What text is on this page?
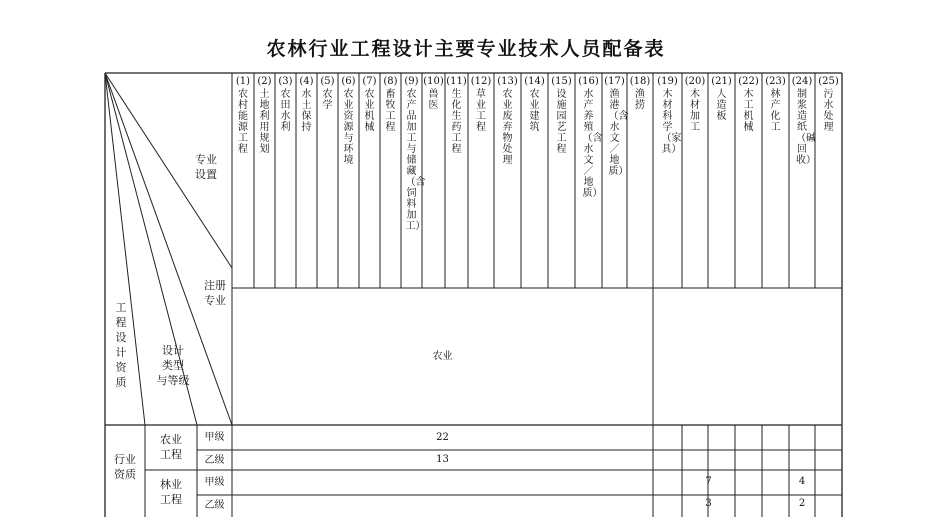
农林行业工程设计主要专业技术人员配备表
(1)
农村能源工程
(2)
土地利用规划
(3)
农田水利
(4)
水土保持
(5)
农学
(6)
农业资源与环境
(7)
农业机械
(8)
畜牧工程
(9)
农产品加工与储藏（含饲料加工）
(10)
兽医
(11)
生化生药工程
(12)
草业工程
(13)
农业废弃物处理
(14)
农业建筑
(15)
设施园艺工程
(16)
水产养殖（含水文／地质）
(17)
渔港（含水文／地质）
(18)
渔捞
(19)
木材科学（家具）
(20)
木材加工
(21)
人造板
(22)
木工机械
(23)
林产化工
(24)
制浆造纸（碱回收）
(25)
污水处理
专业
设置
注册
专业
设计
类型
与等级
工
程
设
计
资
质
农业
行业
资质
农业
工程
林业
工程
甲级
乙级
甲级
乙级
22
13
7	4
3	2
